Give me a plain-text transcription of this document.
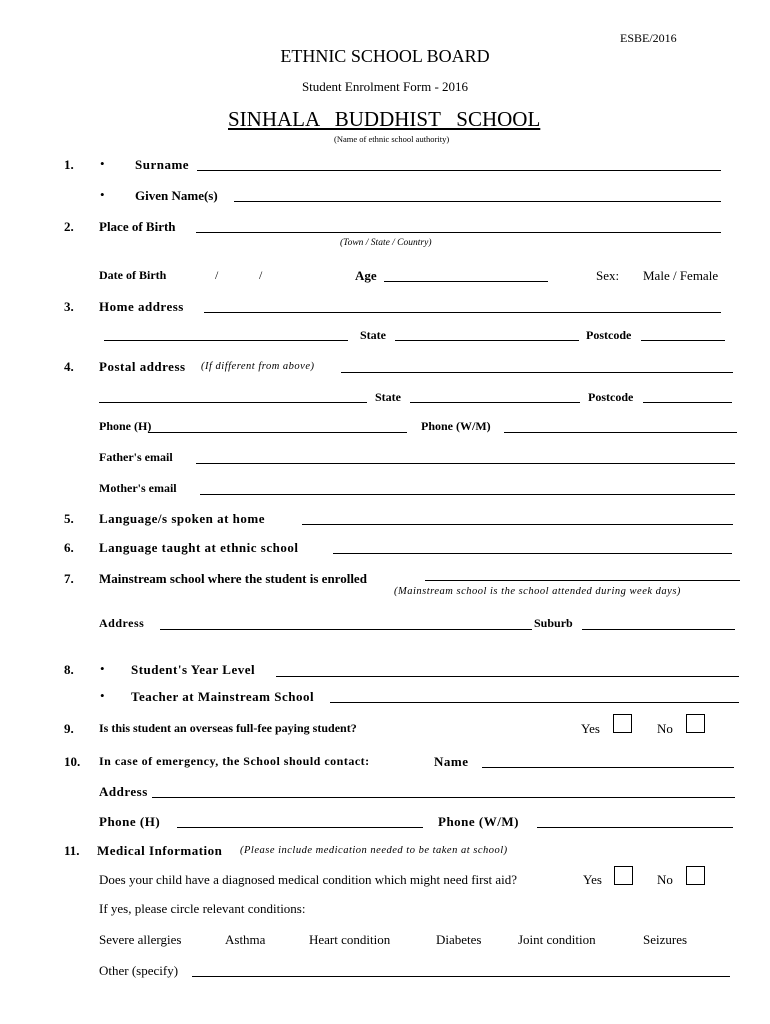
ESBE/2016
ETHNIC SCHOOL BOARD
Student Enrolment Form - 2016
SINHALA   BUDDHIST   SCHOOL
(Name of ethnic school authority)
1. • Surname
• Given Name(s)
2. Place of Birth
(Town / State / Country)
Date of Birth	/	/	Age	Sex: Male / Female
3. Home address
State	Postcode
4. Postal address (If different from above)
State	Postcode
Phone (H)	Phone (W/M)
Father's email
Mother's email
5. Language/s spoken at home
6. Language taught at ethnic school
7. Mainstream school where the student is enrolled
(Mainstream school is the school attended during week days)
Address	Suburb
8. • Student's Year Level
• Teacher at Mainstream School
9. Is this student an overseas full-fee paying student?	Yes	No
10. In case of emergency, the School should contact:	Name
Address
Phone (H)	Phone (W/M)
11. Medical Information (Please include medication needed to be taken at school)
Does your child have a diagnosed medical condition which might need first aid?	Yes	No
If yes, please circle relevant conditions:
Severe allergies	Asthma	Heart condition	Diabetes	Joint condition	Seizures
Other (specify)
